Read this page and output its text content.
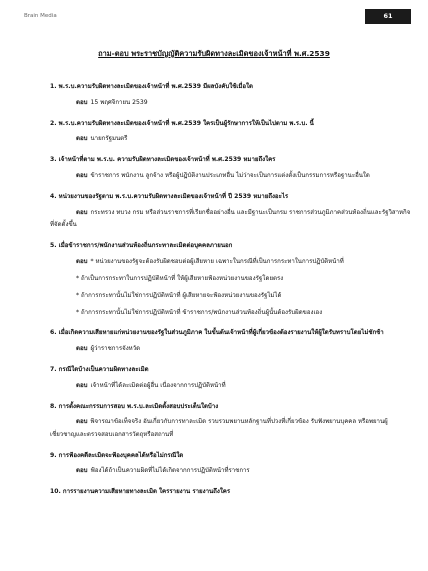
Brain Media	61
ถาม-ตอบ พระราชบัญญัติความรับผิดทางละเมิดของเจ้าหน้าที่ พ.ศ.2539
1. พ.ร.บ.ความรับผิดทางละเมิดของเจ้าหน้าที่ พ.ศ.2539 มีผลบังคับใช้เมื่อใด
ตอบ 15 พฤศจิกายน 2539
2. พ.ร.บ.ความรับผิดทางละเมิดของเจ้าหน้าที่ พ.ศ.2539 ใครเป็นผู้รักษาการให้เป็นไปตาม พ.ร.บ. นี้
ตอบ นายกรัฐมนตรี
3. เจ้าหน้าที่ตาม พ.ร.บ. ความรับผิดทางละเมิดของเจ้าหน้าที่ พ.ศ.2539 หมายถึงใคร
ตอบ ข้าราชการ พนักงาน ลูกจ้าง หรือผู้ปฏิบัติงานประเภทอื่น ไม่ว่าจะเป็นการแต่งตั้งเป็นกรรมการหรือฐานะอื่นใด
4. หน่วยงานของรัฐตาม พ.ร.บ.ความรับผิดทางละเมิดของเจ้าหน้าที่ ปี 2539 หมายถึงอะไร
ตอบ กระทรวง ทบวง กรม หรือส่วนราชการที่เรียกชื่ออย่างอื่น และมีฐานะเป็นกรม ราชการส่วนภูมิภาคส่วนท้องถิ่นและรัฐวิสาหกิจที่จัดตั้งขึ้น
5. เมื่อข้าราชการ/พนักงานส่วนท้องถิ่นกระทาละเมิดต่อบุคคลภายนอก
ตอบ * หน่วยงานของรัฐจะต้องรับผิดชอบต่อผู้เสียหาย เฉพาะในกรณีที่เป็นการกระทาในการปฏิบัติหน้าที่
* ถ้าเป็นการกระทาในการปฏิบัติหน้าที่ ให้ผู้เสียหายฟ้องหน่วยงานของรัฐโดยตรง
* ถ้าการกระทานั้นไม่ใช่การปฏิบัติหน้าที่ ผู้เสียหายจะฟ้องหน่วยงานของรัฐไม่ได้
* ถ้าการกระทานั้นไม่ใช่การปฏิบัติหน้าที่ ข้าราชการ/พนักงานส่วนท้องถิ่นผู้นั้นต้องรับผิดของเอง
6. เมื่อเกิดความเสียหายแก่หน่วยงานของรัฐในส่วนภูมิภาค ในขั้นต้นเจ้าหน้าที่ผู้เกี่ยวข้องต้องรายงานให้ผู้ใดรับทราบโดยไม่ชักช้า
ตอบ ผู้ว่าราชการจังหวัด
7. กรณีใดบ้างเป็นความผิดทางละเมิด
ตอบ เจ้าหน้าที่ได้ละเมิดต่อผู้อื่น เนื่องจากการปฏิบัติหน้าที่
8. การตั้งคณะกรรมการสอบ พ.ร.บ.ละเมิดตั้งสอบประเด็นใดบ้าง
ตอบ พิจารณาข้อเท็จจริง อันเกี่ยวกับการทาละเมิด รวบรวมพยานหลักฐานที่ปวงที่เกี่ยวข้อง รับฟังพยานบุคคล หรือพยานผู้เชี่ยวชาญและตรวจสอบเอกสารวัตถุหรือสถานที่
9. การฟ้องคดีละเมิดจะฟ้องบุคคลได้หรือไม่กรณีใด
ตอบ ฟ้องได้ถ้าเป็นความผิดที่ไม่ได้เกิดจากการปฏิบัติหน้าที่ราชการ
10. การรายงานความเสียหายทางละเมิด ใครรายงาน รายงานถึงใคร
